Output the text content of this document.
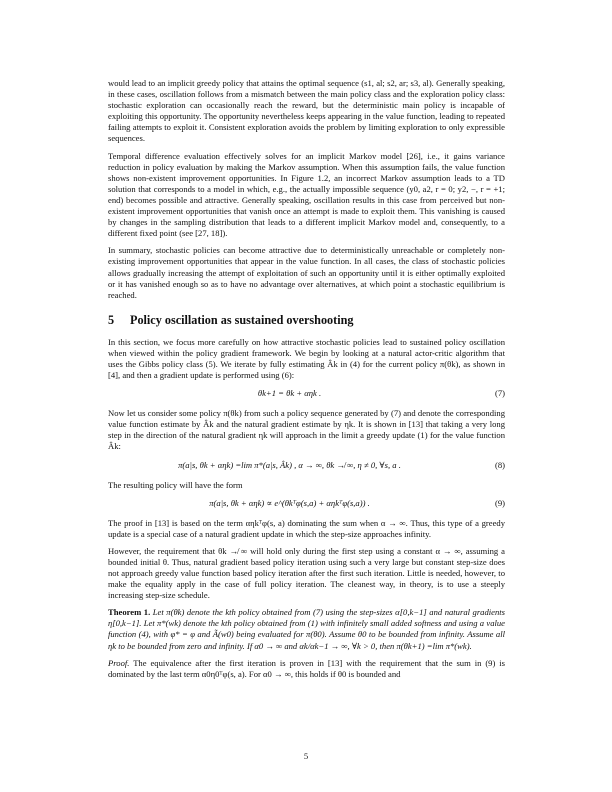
would lead to an implicit greedy policy that attains the optimal sequence (s1, al; s2, ar; s3, al). Generally speaking, in these cases, oscillation follows from a mismatch between the main policy class and the exploration policy class: stochastic exploration can occasionally reach the reward, but the deterministic main policy is incapable of exploiting this opportunity. The opportunity nevertheless keeps appearing in the value function, leading to repeated failing attempts to exploit it. Consistent exploration avoids the problem by limiting exploration to only expressible sequences.

Temporal difference evaluation effectively solves for an implicit Markov model [26], i.e., it gains variance reduction in policy evaluation by making the Markov assumption. When this assumption fails, the value function shows non-existent improvement opportunities. In Figure 1.2, an incorrect Markov assumption leads to a TD solution that corresponds to a model in which, e.g., the actually impossible sequence (y0, a2, r = 0; y2, −, r = +1; end) becomes possible and attractive. Generally speaking, oscillation results in this case from perceived but non-existent improvement opportunities that vanish once an attempt is made to exploit them. This vanishing is caused by changes in the sampling distribution that leads to a different implicit Markov model and, consequently, to a different fixed point (see [27, 18]).

In summary, stochastic policies can become attractive due to deterministically unreachable or completely non-existing improvement opportunities that appear in the value function. In all cases, the class of stochastic policies allows gradually increasing the attempt of exploitation of such an opportunity until it is either optimally exploited or it has vanished enough so as to have no advantage over alternatives, at which point a stochastic equilibrium is reached.

5 Policy oscillation as sustained overshooting

In this section, we focus more carefully on how attractive stochastic policies lead to sustained policy oscillation when viewed within the policy gradient framework. We begin by looking at a natural actor-critic algorithm that uses the Gibbs policy class (5). We iterate by fully estimating Âk in (4) for the current policy π(θk), as shown in [4], and then a gradient update is performed using (6):

θk+1 = θk + αηk .	(7)

Now let us consider some policy π(θk) from such a policy sequence generated by (7) and denote the corresponding value function estimate by Âk and the natural gradient estimate by ηk. It is shown in [13] that taking a very long step in the direction of the natural gradient ηk will approach in the limit a greedy update (1) for the value function Âk:

π(a|s, θk + αηk) =lim π*(a|s, Âk) , α → ∞, θk ↛ ∞, η ≠ 0, ∀s, a .	(8)

The resulting policy will have the form

π(a|s, θk + αηk) ∝ e^(θkᵀφ(s,a) + αηkᵀφ(s,a)) .	(9)

The proof in [13] is based on the term αηkᵀφ(s, a) dominating the sum when α → ∞. Thus, this type of a greedy update is a special case of a natural gradient update in which the step-size approaches infinity.

However, the requirement that θk ↛ ∞ will hold only during the first step using a constant α → ∞, assuming a bounded initial θ. Thus, natural gradient based policy iteration using such a very large but constant step-size does not approach greedy value function based policy iteration after the first such iteration. Little is needed, however, to make the equality apply in the case of full policy iteration. The cleanest way, in theory, is to use a steeply increasing step-size schedule.

Theorem 1. Let π(θk) denote the kth policy obtained from (7) using the step-sizes α[0,k−1] and natural gradients η[0,k−1]. Let π*(wk) denote the kth policy obtained from (1) with infinitely small added softness and using a value function (4), with φ* = φ and Ã(w0) being evaluated for π(θ0). Assume θ0 to be bounded from infinity. Assume all ηk to be bounded from zero and infinity. If α0 → ∞ and αk/αk−1 → ∞, ∀k > 0, then π(θk+1) =lim π*(wk).

Proof. The equivalence after the first iteration is proven in [13] with the requirement that the sum in (9) is dominated by the last term α0η0ᵀφ(s, a). For α0 → ∞, this holds if θ0 is bounded and

5
